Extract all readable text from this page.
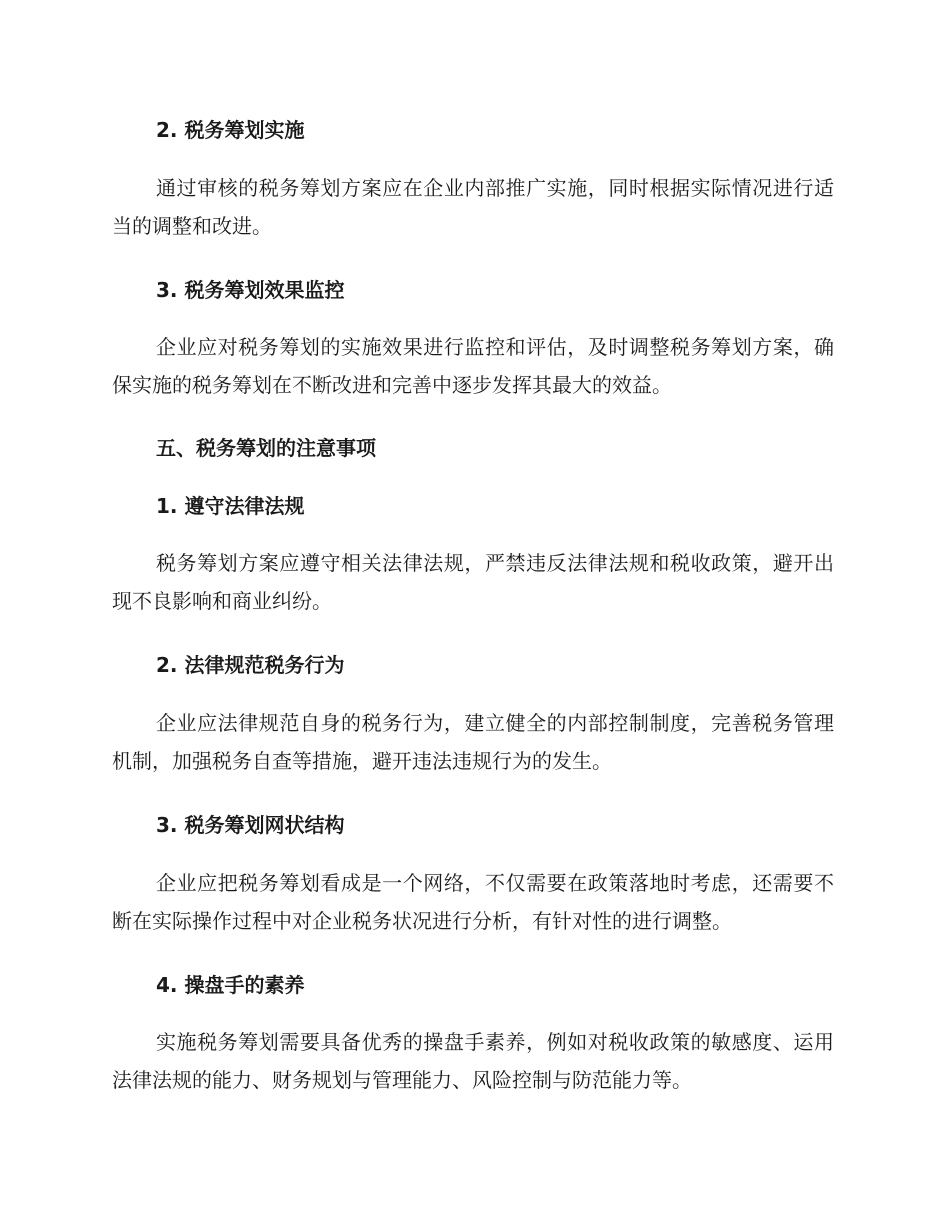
2. 税务筹划实施

通过审核的税务筹划方案应在企业内部推广实施，同时根据实际情况进行适当的调整和改进。

3. 税务筹划效果监控

企业应对税务筹划的实施效果进行监控和评估，及时调整税务筹划方案，确保实施的税务筹划在不断改进和完善中逐步发挥其最大的效益。

五、税务筹划的注意事项
1. 遵守法律法规

税务筹划方案应遵守相关法律法规，严禁违反法律法规和税收政策，避开出现不良影响和商业纠纷。

2. 法律规范税务行为

企业应法律规范自身的税务行为，建立健全的内部控制制度，完善税务管理机制，加强税务自查等措施，避开违法违规行为的发生。

3. 税务筹划网状结构

企业应把税务筹划看成是一个网络，不仅需要在政策落地时考虑，还需要不断在实际操作过程中对企业税务状况进行分析，有针对性的进行调整。

4. 操盘手的素养

实施税务筹划需要具备优秀的操盘手素养，例如对税收政策的敏感度、运用法律法规的能力、财务规划与管理能力、风险控制与防范能力等。
